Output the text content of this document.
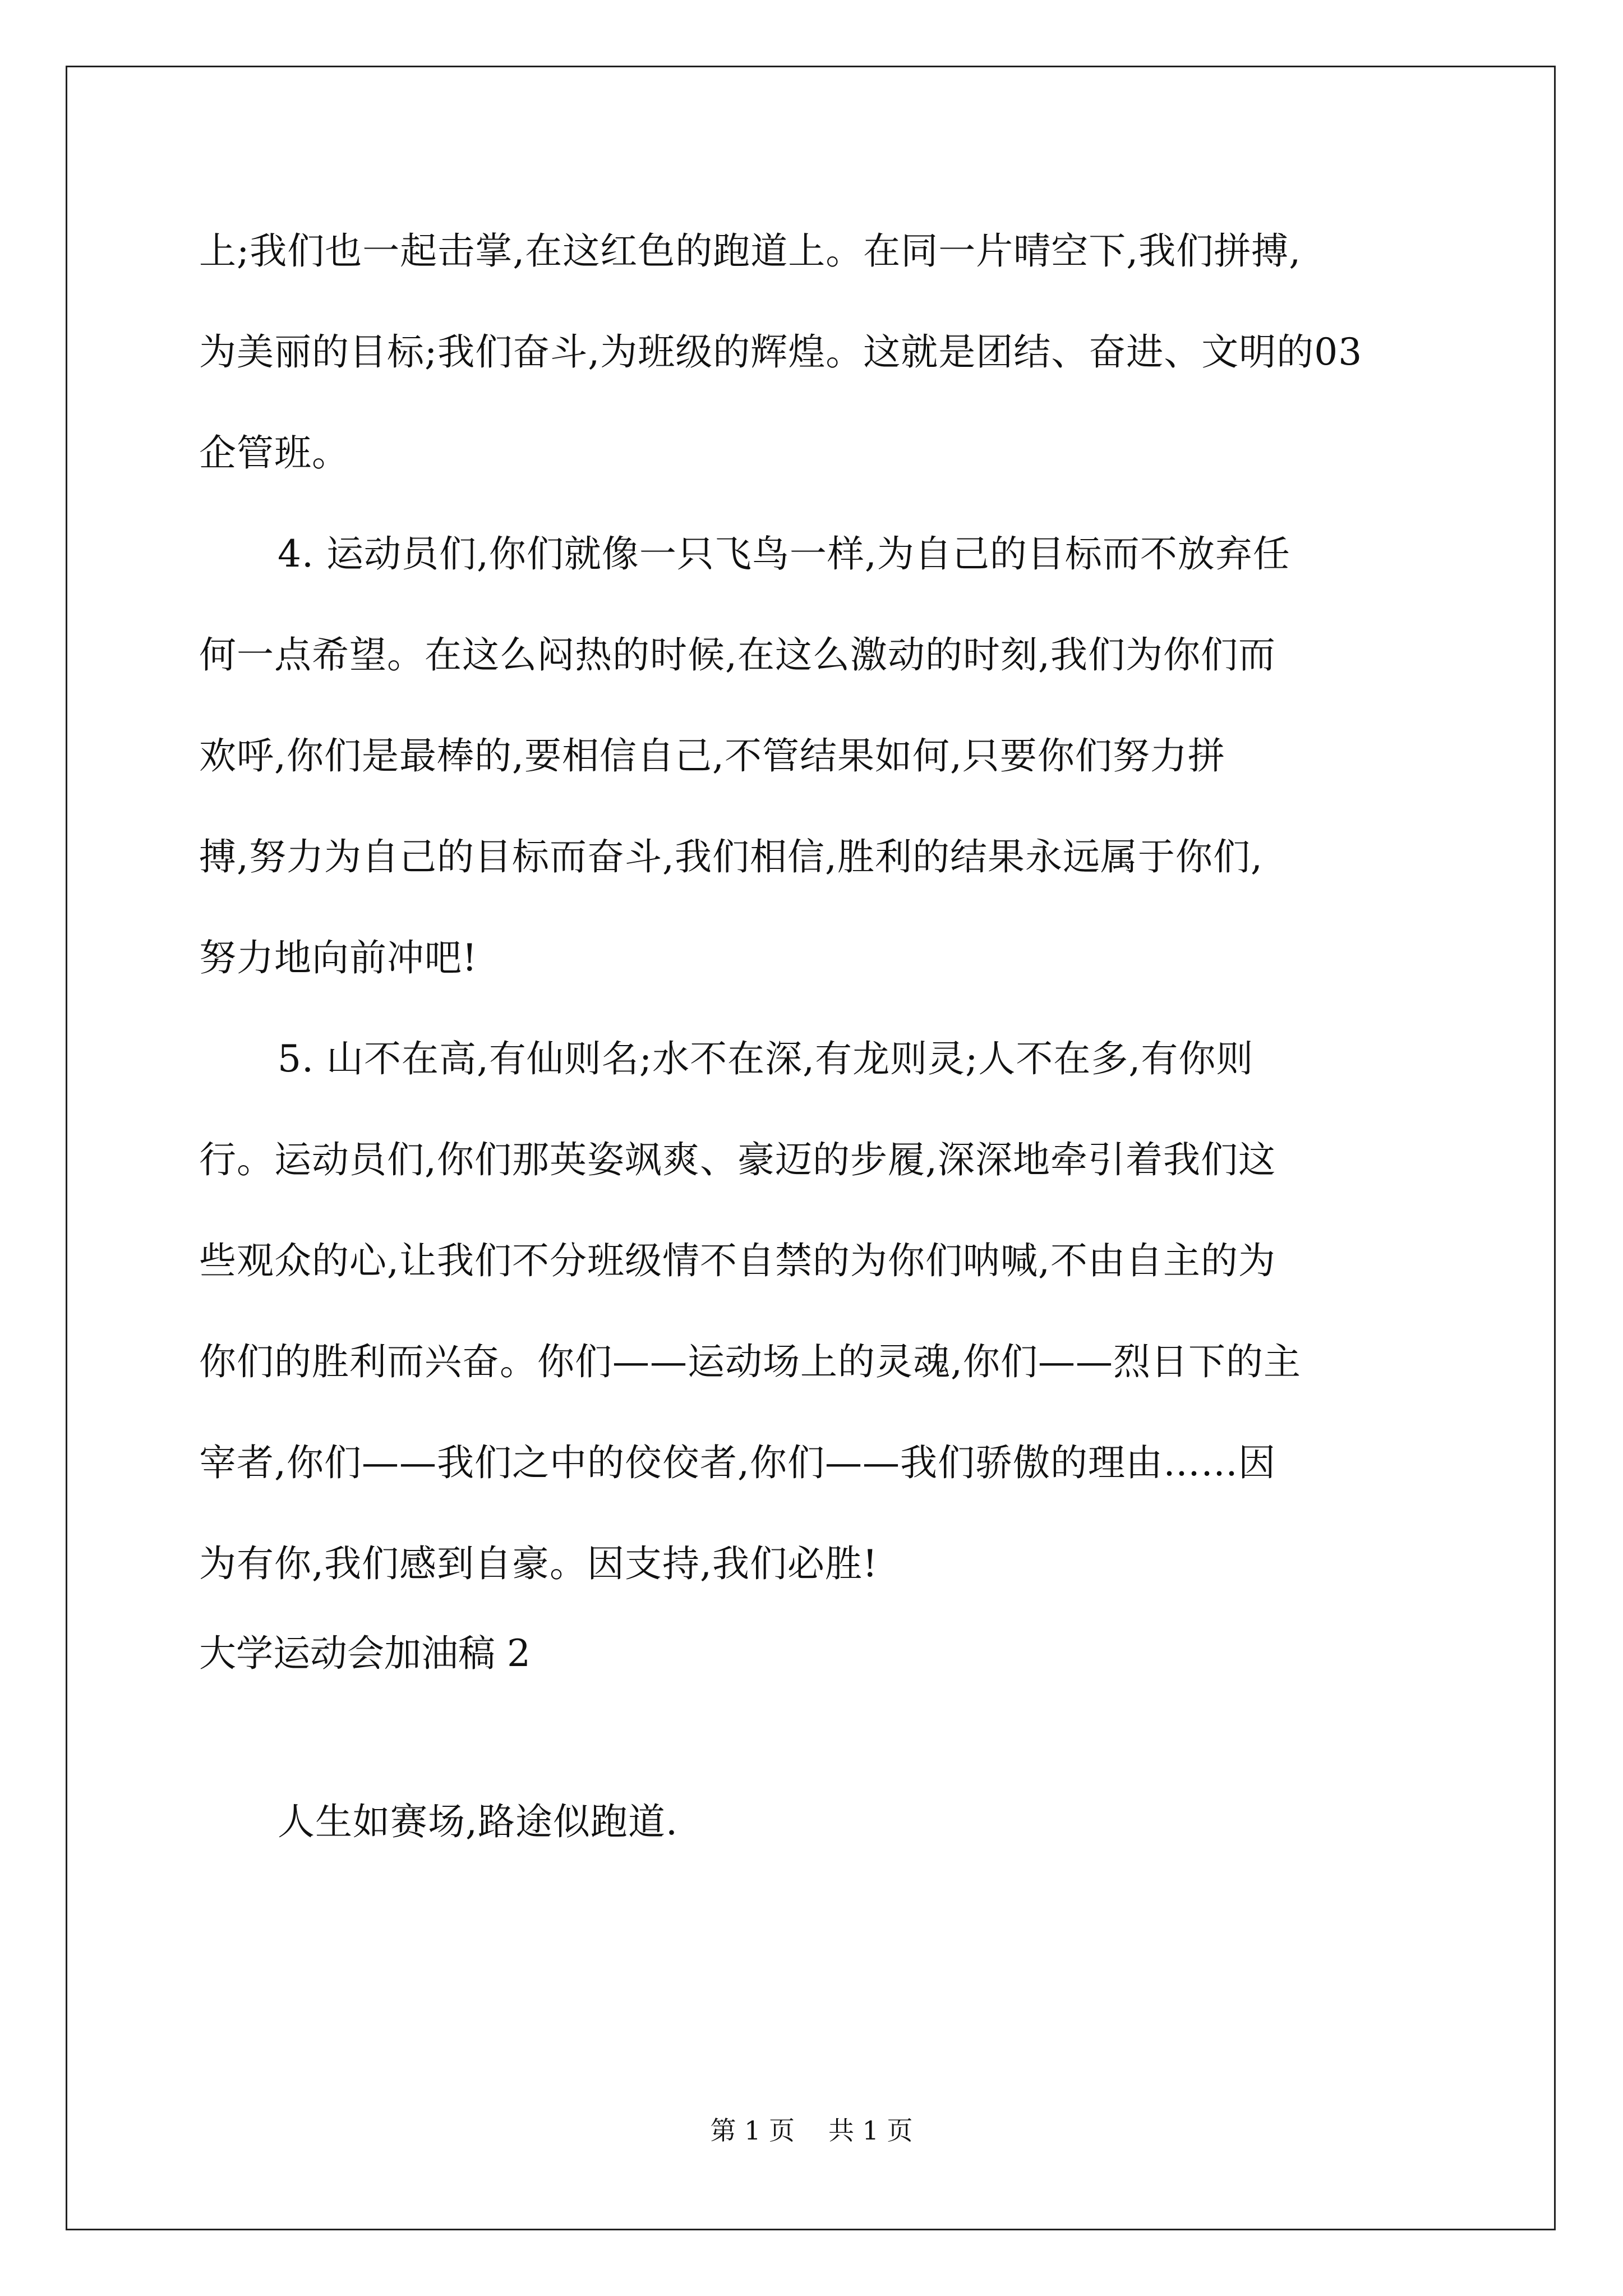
上;我们也一起击掌,在这红色的跑道上。在同一片晴空下,我们拼搏,
为美丽的目标;我们奋斗,为班级的辉煌。这就是团结、奋进、文明的03
企管班。
4. 运动员们,你们就像一只飞鸟一样,为自己的目标而不放弃任
何一点希望。在这么闷热的时候,在这么激动的时刻,我们为你们而
欢呼,你们是最棒的,要相信自己,不管结果如何,只要你们努力拼
搏,努力为自己的目标而奋斗,我们相信,胜利的结果永远属于你们,
努力地向前冲吧!
5. 山不在高,有仙则名;水不在深,有龙则灵;人不在多,有你则
行。运动员们,你们那英姿飒爽、豪迈的步履,深深地牵引着我们这
些观众的心,让我们不分班级情不自禁的为你们呐喊,不由自主的为
你们的胜利而兴奋。你们——运动场上的灵魂,你们——烈日下的主
宰者,你们——我们之中的佼佼者,你们——我们骄傲的理由……因
为有你,我们感到自豪。因支持,我们必胜!
大学运动会加油稿 2
人生如赛场,路途似跑道.
第 1 页 共 1 页
